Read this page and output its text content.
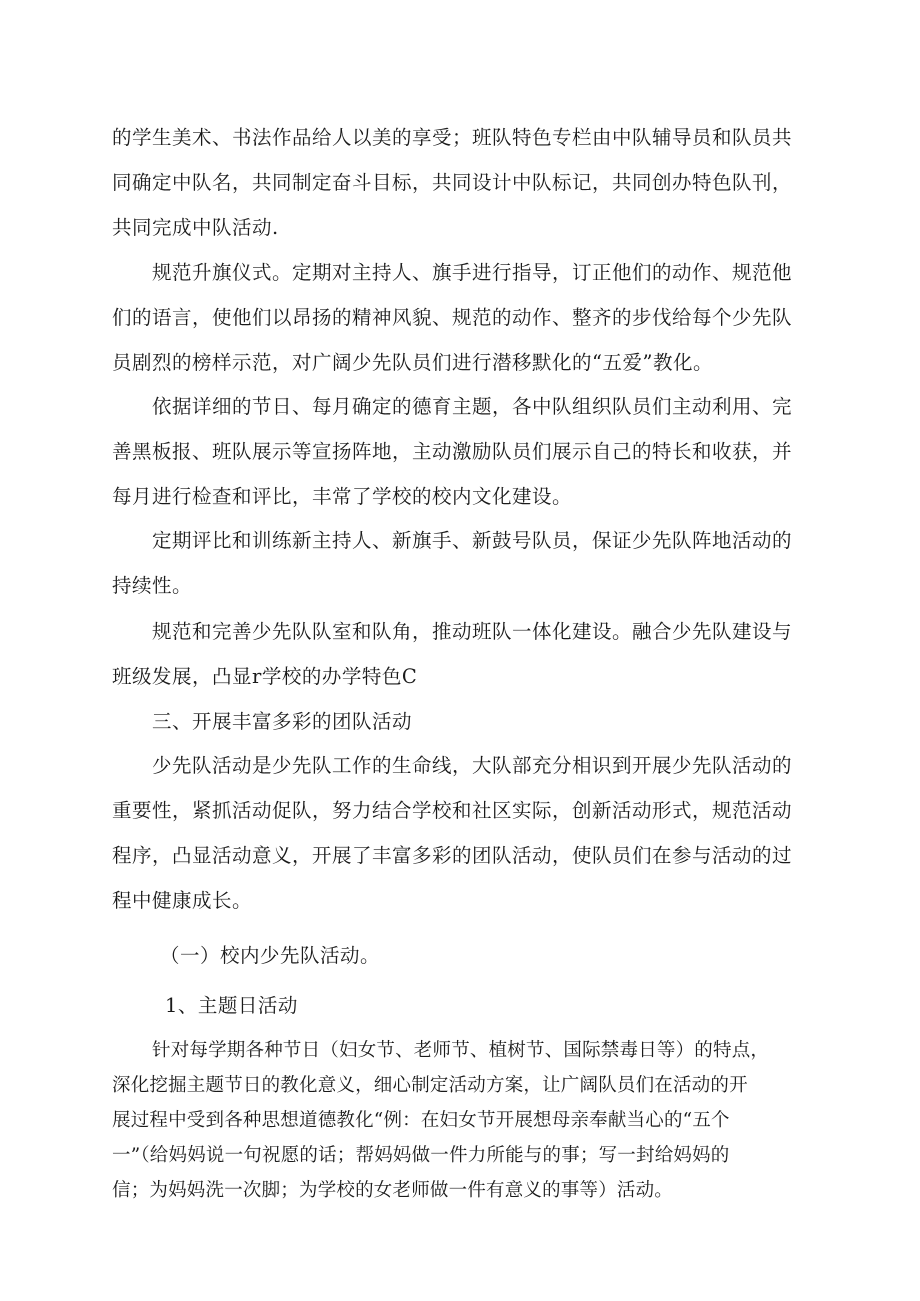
的学生美术、书法作品给人以美的享受；班队特色专栏由中队辅导员和队员共
同确定中队名，共同制定奋斗目标，共同设计中队标记，共同创办特色队刊，
共同完成中队活动.
规范升旗仪式。定期对主持人、旗手进行指导，订正他们的动作、规范他
们的语言，使他们以昂扬的精神风貌、规范的动作、整齐的步伐给每个少先队
员剧烈的榜样示范，对广阔少先队员们进行潜移默化的“五爱”教化。
依据详细的节日、每月确定的德育主题，各中队组织队员们主动利用、完
善黑板报、班队展示等宣扬阵地，主动激励队员们展示自己的特长和收获，并
每月进行检查和评比，丰常了学校的校内文化建设。
定期评比和训练新主持人、新旗手、新鼓号队员，保证少先队阵地活动的
持续性。
规范和完善少先队队室和队角，推动班队一体化建设。融合少先队建设与
班级发展，凸显r学校的办学特色C
三、开展丰富多彩的团队活动
少先队活动是少先队工作的生命线，大队部充分相识到开展少先队活动的
重要性，紧抓活动促队，努力结合学校和社区实际，创新活动形式，规范活动
程序，凸显活动意义，开展了丰富多彩的团队活动，使队员们在参与活动的过
程中健康成长。
（一）校内少先队活动。
1、主题日活动
针对每学期各种节日（妇女节、老师节、植树节、国际禁毒日等）的特点，
深化挖掘主题节日的教化意义，细心制定活动方案，让广阔队员们在活动的开
展过程中受到各种思想道德教化“例：在妇女节开展想母亲奉献当心的“五个
一”（给妈妈说一句祝愿的话；帮妈妈做一件力所能与的事；写一封给妈妈的
信；为妈妈洗一次脚；为学校的女老师做一件有意义的事等）活动。
